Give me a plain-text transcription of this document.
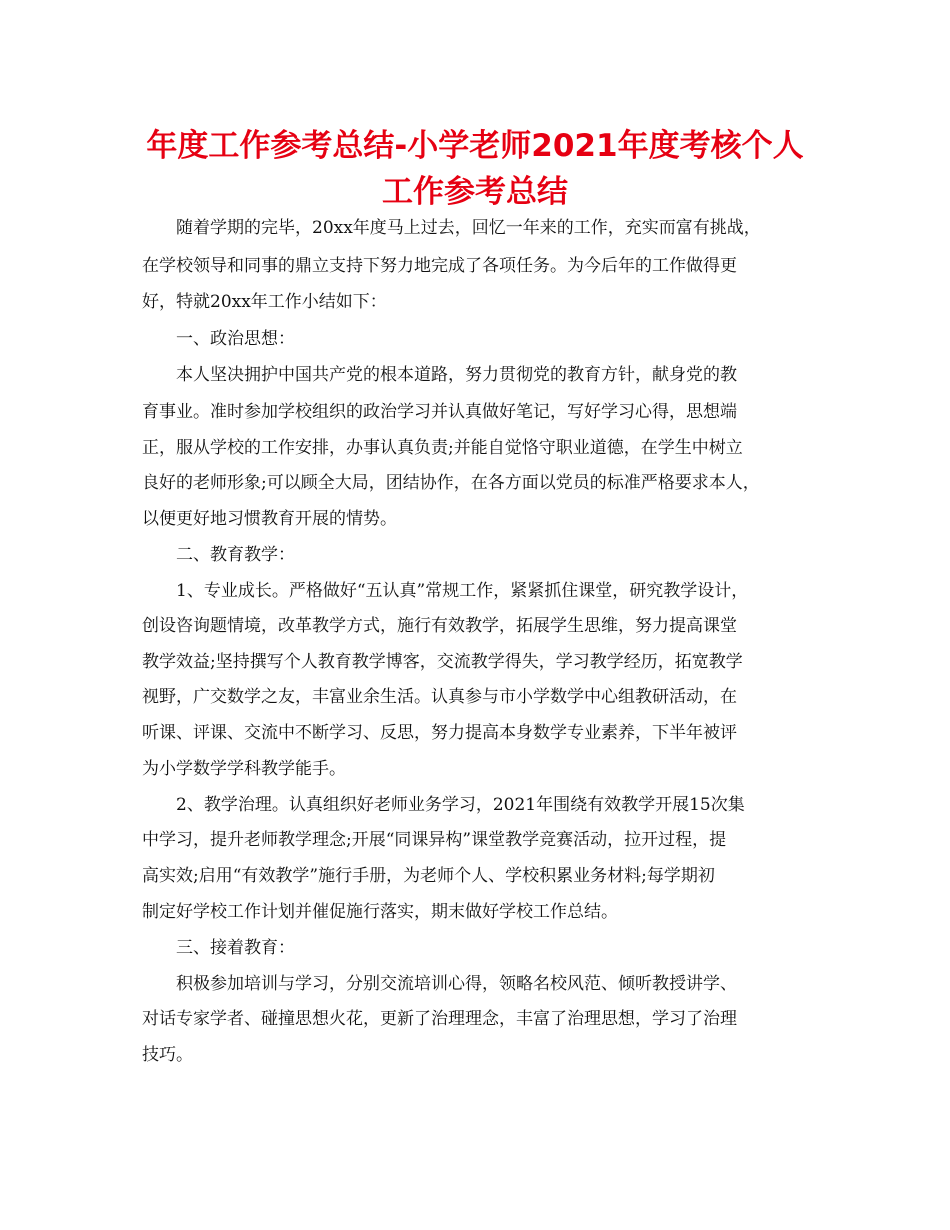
年度工作参考总结-小学老师2021年度考核个人
工作参考总结
随着学期的完毕，20xx年度马上过去，回忆一年来的工作，充实而富有挑战，
在学校领导和同事的鼎立支持下努力地完成了各项任务。为今后年的工作做得更
好，特就20xx年工作小结如下：
一、政治思想：
本人坚决拥护中国共产党的根本道路，努力贯彻党的教育方针，献身党的教
育事业。准时参加学校组织的政治学习并认真做好笔记，写好学习心得，思想端
正，服从学校的工作安排，办事认真负责;并能自觉恪守职业道德，在学生中树立
良好的老师形象;可以顾全大局，团结协作，在各方面以党员的标准严格要求本人，
以便更好地习惯教育开展的情势。
二、教育教学：
1、专业成长。严格做好“五认真”常规工作，紧紧抓住课堂，研究教学设计，
创设咨询题情境，改革教学方式，施行有效教学，拓展学生思维，努力提高课堂
教学效益;坚持撰写个人教育教学博客，交流教学得失，学习教学经历，拓宽教学
视野，广交数学之友，丰富业余生活。认真参与市小学数学中心组教研活动，在
听课、评课、交流中不断学习、反思，努力提高本身数学专业素养，下半年被评
为小学数学学科教学能手。
2、教学治理。认真组织好老师业务学习，2021年围绕有效教学开展15次集
中学习，提升老师教学理念;开展“同课异构”课堂教学竞赛活动，拉开过程，提
高实效;启用“有效教学”施行手册，为老师个人、学校积累业务材料;每学期初
制定好学校工作计划并催促施行落实，期末做好学校工作总结。
三、接着教育：
积极参加培训与学习，分别交流培训心得，领略名校风范、倾听教授讲学、
对话专家学者、碰撞思想火花，更新了治理理念，丰富了治理思想，学习了治理
技巧。
